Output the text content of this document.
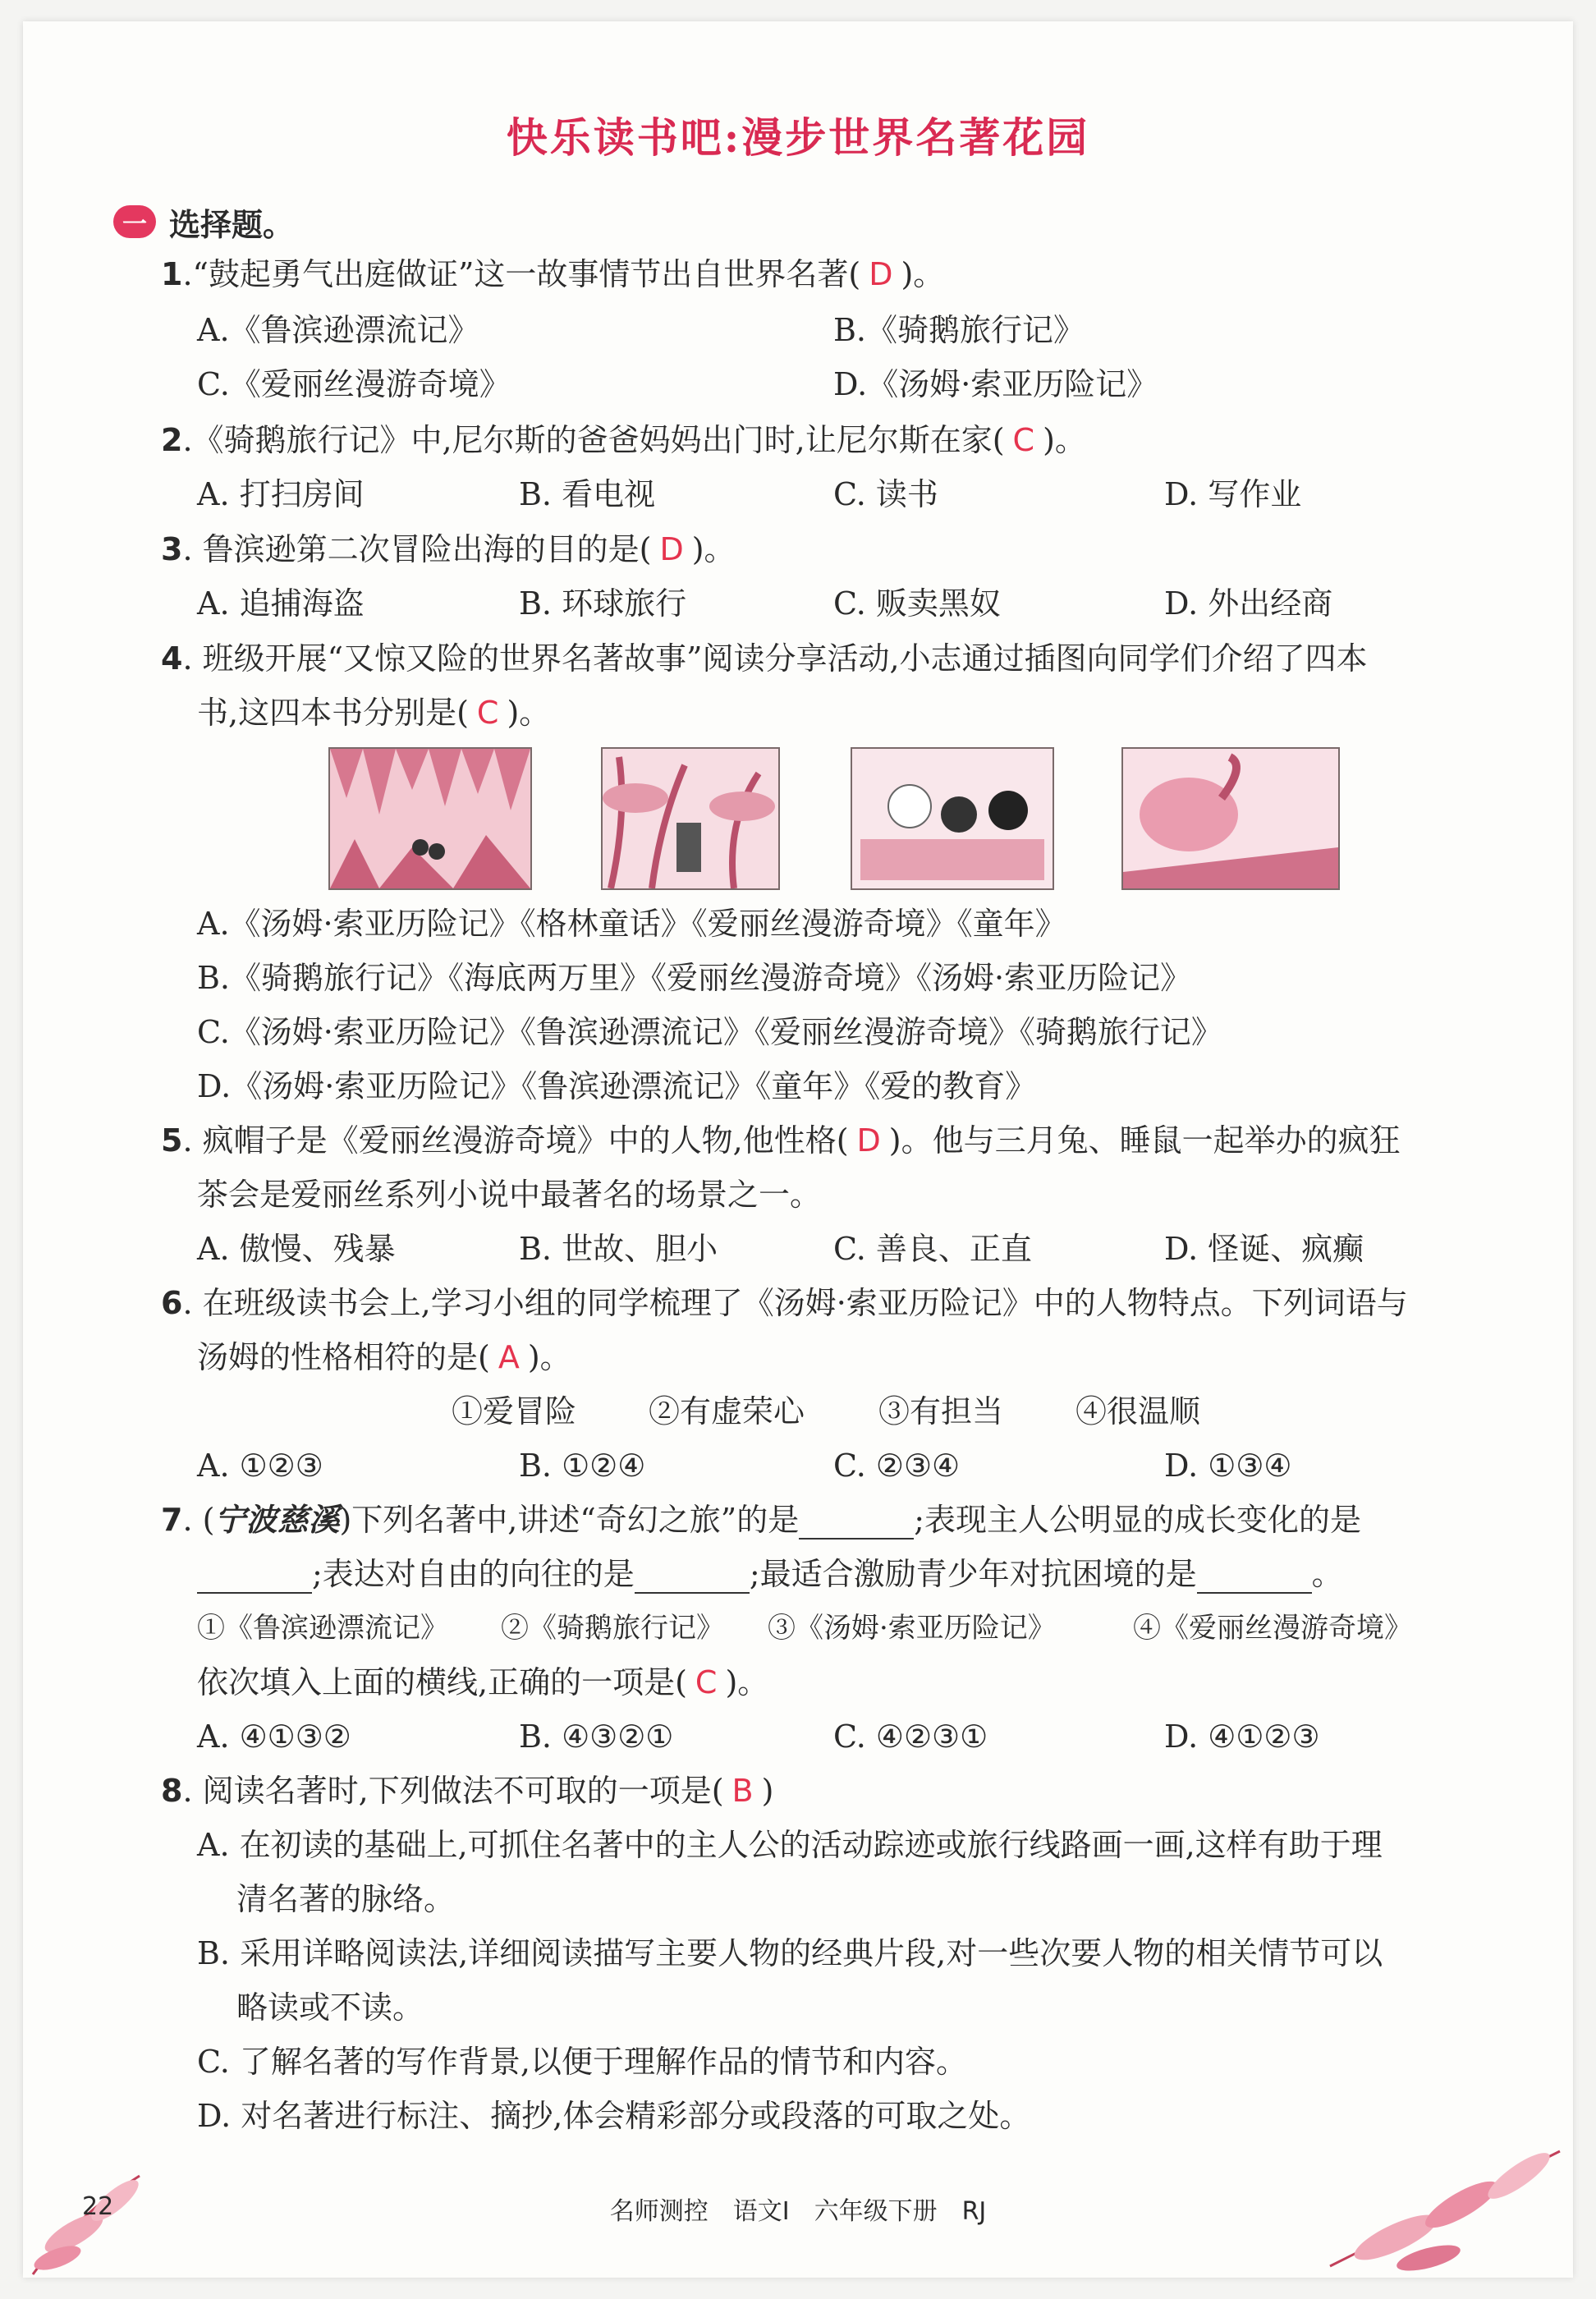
快乐读书吧:漫步世界名著花园
一 选择题。
1.“鼓起勇气出庭做证”这一故事情节出自世界名著( D )。
A.《鲁滨逊漂流记》	B.《骑鹅旅行记》
C.《爱丽丝漫游奇境》	D.《汤姆·索亚历险记》
2.《骑鹅旅行记》中,尼尔斯的爸爸妈妈出门时,让尼尔斯在家( C )。
A. 打扫房间	B. 看电视	C. 读书	D. 写作业
3. 鲁滨逊第二次冒险出海的目的是( D )。
A. 追捕海盗	B. 环球旅行	C. 贩卖黑奴	D. 外出经商
4. 班级开展“又惊又险的世界名著故事”阅读分享活动,小志通过插图向同学们介绍了四本
书,这四本书分别是( C )。
A.《汤姆·索亚历险记》《格林童话》《爱丽丝漫游奇境》《童年》
B.《骑鹅旅行记》《海底两万里》《爱丽丝漫游奇境》《汤姆·索亚历险记》
C.《汤姆·索亚历险记》《鲁滨逊漂流记》《爱丽丝漫游奇境》《骑鹅旅行记》
D.《汤姆·索亚历险记》《鲁滨逊漂流记》《童年》《爱的教育》
5. 疯帽子是《爱丽丝漫游奇境》中的人物,他性格( D )。他与三月兔、睡鼠一起举办的疯狂
茶会是爱丽丝系列小说中最著名的场景之一。
A. 傲慢、残暴	B. 世故、胆小	C. 善良、正直	D. 怪诞、疯癫
6. 在班级读书会上,学习小组的同学梳理了《汤姆·索亚历险记》中的人物特点。下列词语与
汤姆的性格相符的是( A )。
①爱冒险 ②有虚荣心 ③有担当 ④很温顺
A. ①②③	B. ①②④	C. ②③④	D. ①③④
7. (宁波慈溪)下列名著中,讲述“奇幻之旅”的是	;表现主人公明显的成长变化的是
;表达对自由的向往的是	;最适合激励青少年对抗困境的是	。
①《鲁滨逊漂流记》 ②《骑鹅旅行记》 ③《汤姆·索亚历险记》	④《爱丽丝漫游奇境》
依次填入上面的横线,正确的一项是( C )。
A. ④①③②	B. ④③②①	C. ④②③①	D. ④①②③
8. 阅读名著时,下列做法不可取的一项是( B )
A. 在初读的基础上,可抓住名著中的主人公的活动踪迹或旅行线路画一画,这样有助于理
清名著的脉络。
B. 采用详略阅读法,详细阅读描写主要人物的经典片段,对一些次要人物的相关情节可以
略读或不读。
C. 了解名著的写作背景,以便于理解作品的情节和内容。
D. 对名著进行标注、摘抄,体会精彩部分或段落的可取之处。
22	名师测控　语文Ⅰ　六年级下册　RJ
